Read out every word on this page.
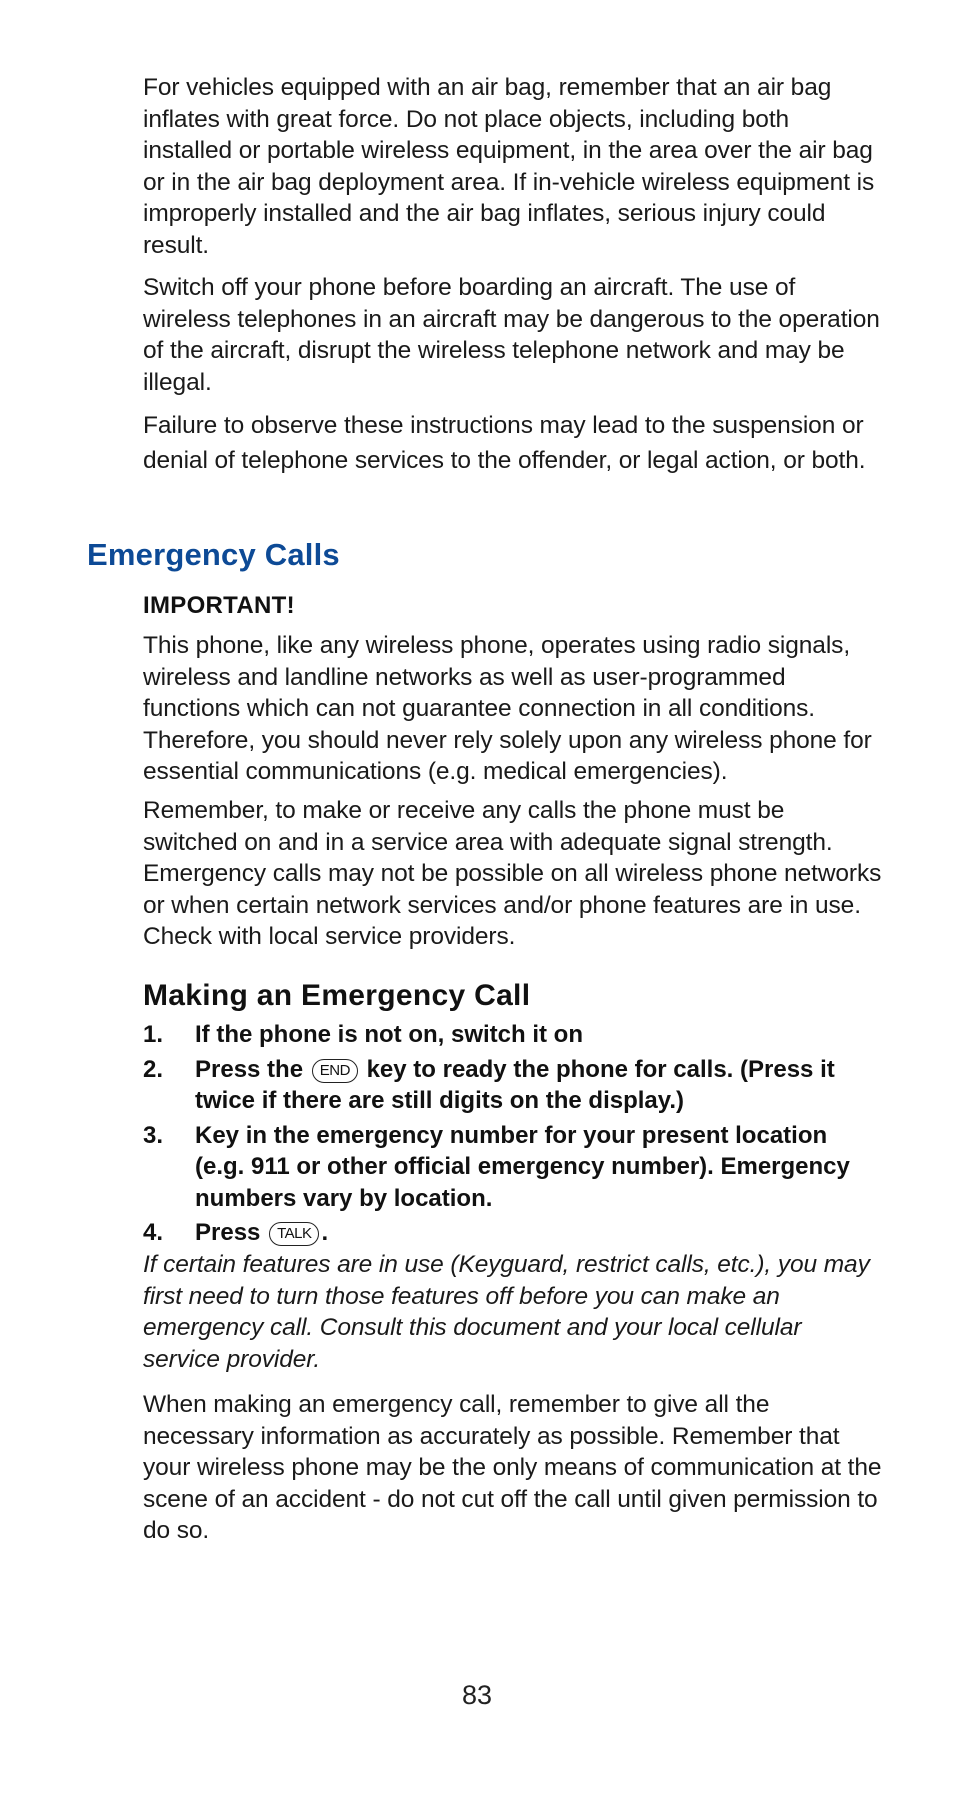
For vehicles equipped with an air bag, remember that an air bag inflates with great force. Do not place objects, including both installed or portable wireless equipment, in the area over the air bag or in the air bag deployment area. If in-vehicle wireless equipment is improperly installed and the air bag inflates, serious injury could result.

Switch off your phone before boarding an aircraft. The use of wireless telephones in an aircraft may be dangerous to the operation of the aircraft, disrupt the wireless telephone network and may be illegal.

Failure to observe these instructions may lead to the suspension or denial of telephone services to the offender, or legal action, or both.

Emergency Calls
IMPORTANT!

This phone, like any wireless phone, operates using radio signals, wireless and landline networks as well as user-programmed functions which can not guarantee connection in all conditions. Therefore, you should never rely solely upon any wireless phone for essential communications (e.g. medical emergencies).

Remember, to make or receive any calls the phone must be switched on and in a service area with adequate signal strength. Emergency calls may not be possible on all wireless phone networks or when certain network services and/or phone features are in use. Check with local service providers.

Making an Emergency Call
1. If the phone is not on, switch it on
2. Press the END key to ready the phone for calls. (Press it twice if there are still digits on the display.)
3. Key in the emergency number for your present location (e.g. 911 or other official emergency number). Emergency numbers vary by location.
4. Press TALK .

If certain features are in use (Keyguard, restrict calls, etc.), you may first need to turn those features off before you can make an emergency call. Consult this document and your local cellular service provider.

When making an emergency call, remember to give all the necessary information as accurately as possible. Remember that your wireless phone may be the only means of communication at the scene of an accident - do not cut off the call until given permission to do so.

83
